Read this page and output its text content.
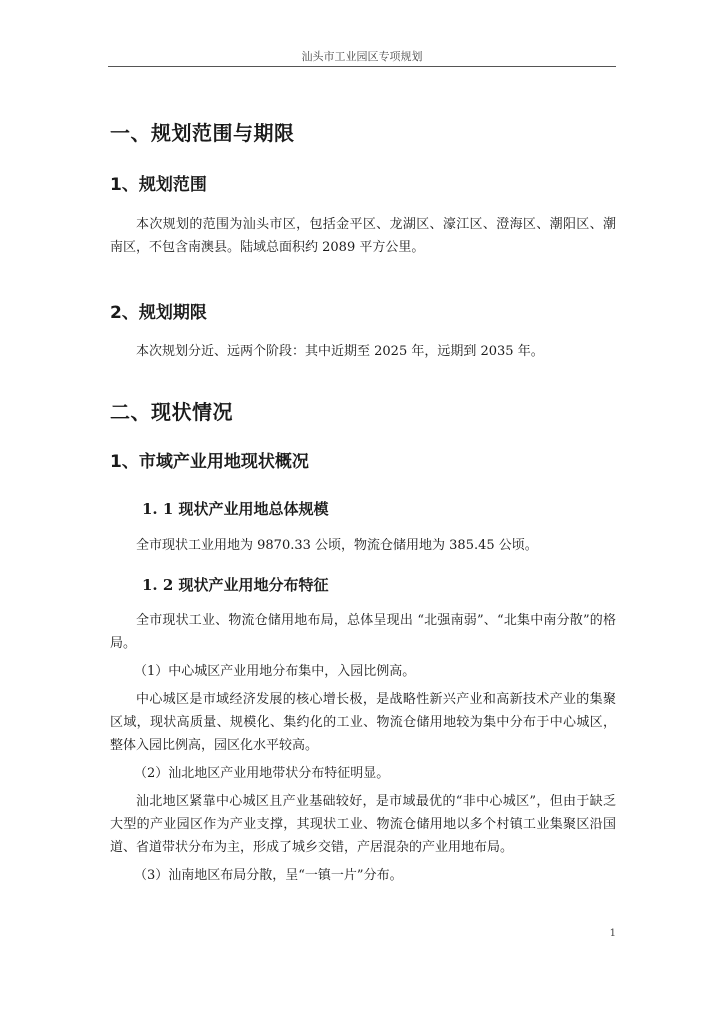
汕头市工业园区专项规划
一、规划范围与期限
1、规划范围

本次规划的范围为汕头市区，包括金平区、龙湖区、濠江区、澄海区、潮阳区、潮南区，不包含南澳县。陆域总面积约 2089 平方公里。

2、规划期限

本次规划分近、远两个阶段：其中近期至 2025 年，远期到 2035 年。

二、现状情况
1、市域产业用地现状概况
1. 1 现状产业用地总体规模

全市现状工业用地为 9870.33 公顷，物流仓储用地为 385.45 公顷。

1. 2 现状产业用地分布特征

全市现状工业、物流仓储用地布局，总体呈现出 “北强南弱”、“北集中南分散”的格局。

（1）中心城区产业用地分布集中，入园比例高。

中心城区是市域经济发展的核心增长极，是战略性新兴产业和高新技术产业的集聚区域，现状高质量、规模化、集约化的工业、物流仓储用地较为集中分布于中心城区，整体入园比例高，园区化水平较高。

（2）汕北地区产业用地带状分布特征明显。

汕北地区紧靠中心城区且产业基础较好，是市域最优的“非中心城区”，但由于缺乏大型的产业园区作为产业支撑，其现状工业、物流仓储用地以多个村镇工业集聚区沿国道、省道带状分布为主，形成了城乡交错，产居混杂的产业用地布局。

（3）汕南地区布局分散，呈“一镇一片”分布。

1
